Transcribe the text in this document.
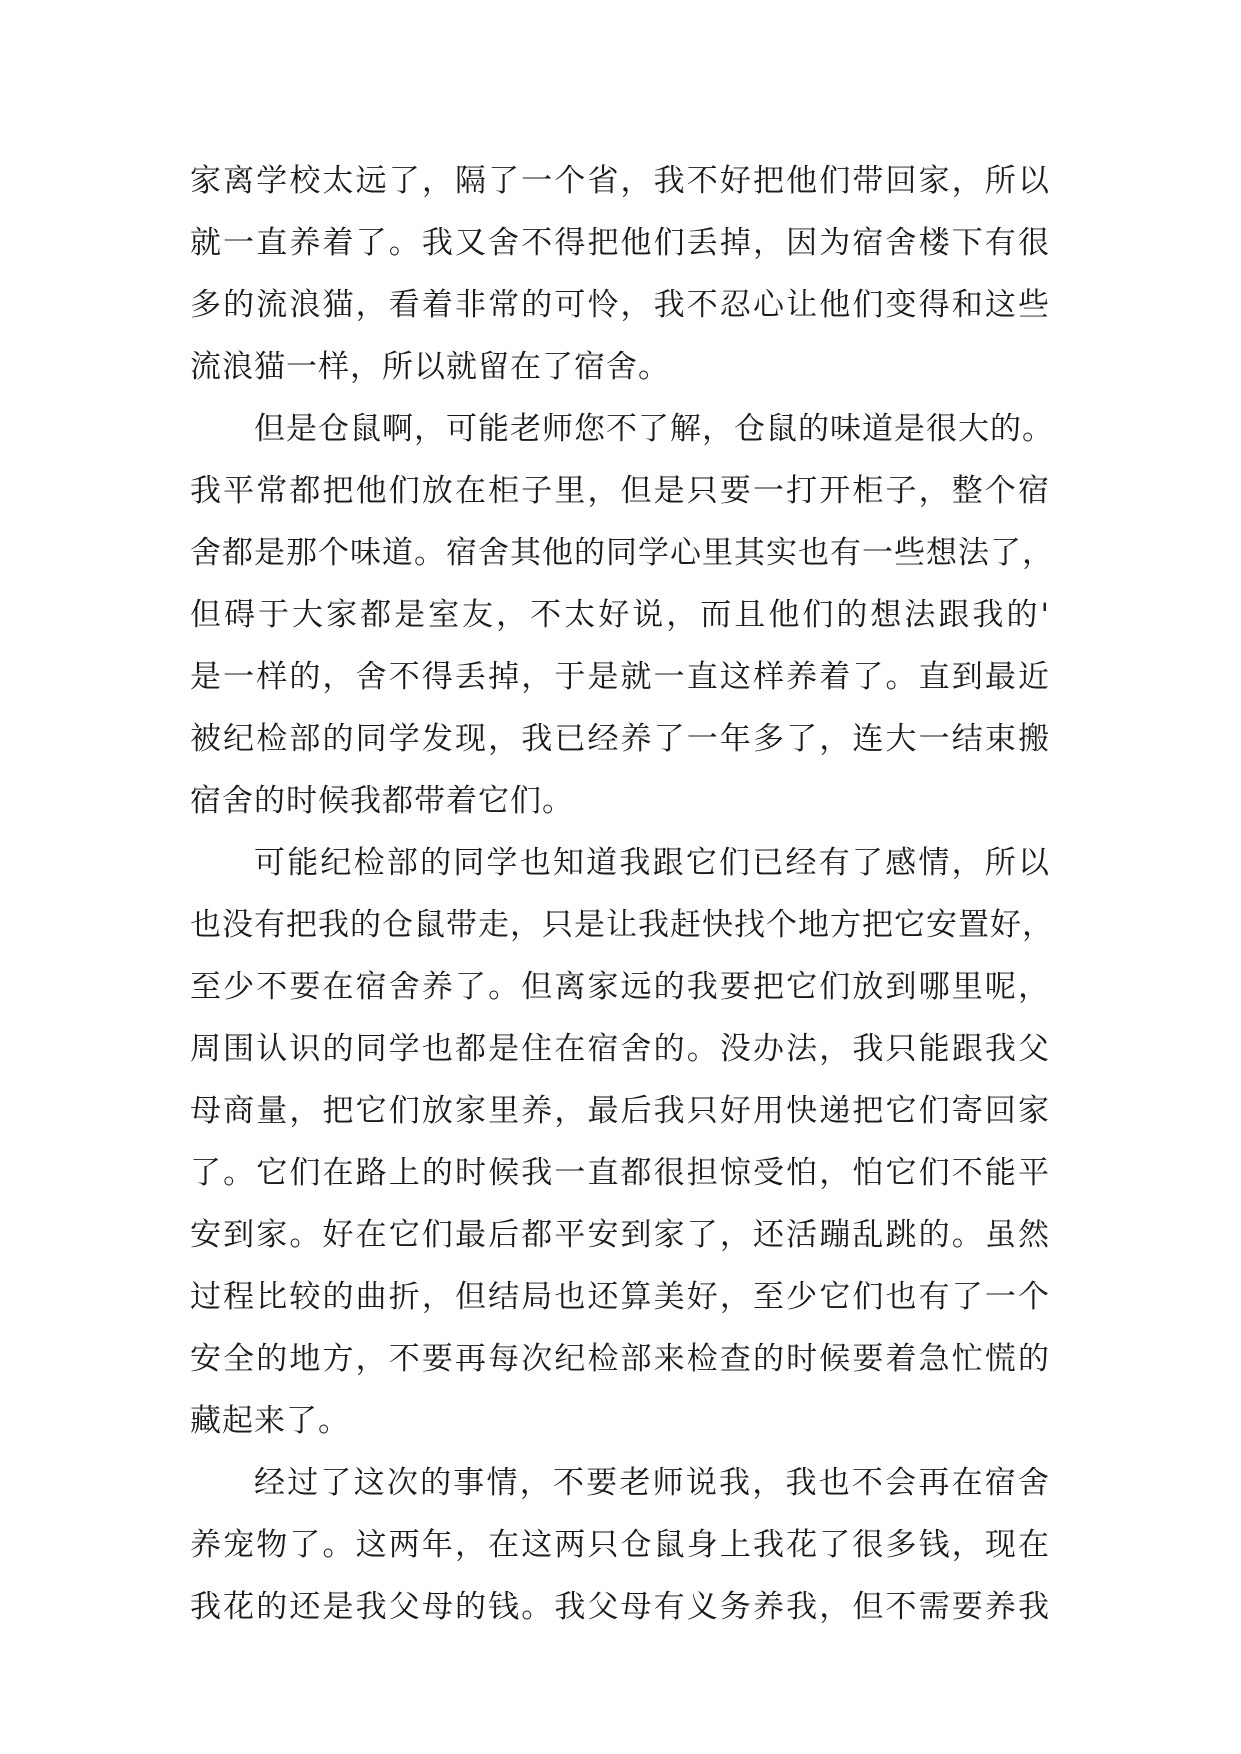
家离学校太远了，隔了一个省，我不好把他们带回家，所以
就一直养着了。我又舍不得把他们丢掉，因为宿舍楼下有很
多的流浪猫，看着非常的可怜，我不忍心让他们变得和这些
流浪猫一样，所以就留在了宿舍。
但是仓鼠啊，可能老师您不了解，仓鼠的味道是很大的。
我平常都把他们放在柜子里，但是只要一打开柜子，整个宿
舍都是那个味道。宿舍其他的同学心里其实也有一些想法了，
但碍于大家都是室友，不太好说，而且他们的想法跟我的'
是一样的，舍不得丢掉，于是就一直这样养着了。直到最近
被纪检部的同学发现，我已经养了一年多了，连大一结束搬
宿舍的时候我都带着它们。
可能纪检部的同学也知道我跟它们已经有了感情，所以
也没有把我的仓鼠带走，只是让我赶快找个地方把它安置好，
至少不要在宿舍养了。但离家远的我要把它们放到哪里呢，
周围认识的同学也都是住在宿舍的。没办法，我只能跟我父
母商量，把它们放家里养，最后我只好用快递把它们寄回家
了。它们在路上的时候我一直都很担惊受怕，怕它们不能平
安到家。好在它们最后都平安到家了，还活蹦乱跳的。虽然
过程比较的曲折，但结局也还算美好，至少它们也有了一个
安全的地方，不要再每次纪检部来检查的时候要着急忙慌的
藏起来了。
经过了这次的事情，不要老师说我，我也不会再在宿舍
养宠物了。这两年，在这两只仓鼠身上我花了很多钱，现在
我花的还是我父母的钱。我父母有义务养我，但不需要养我
